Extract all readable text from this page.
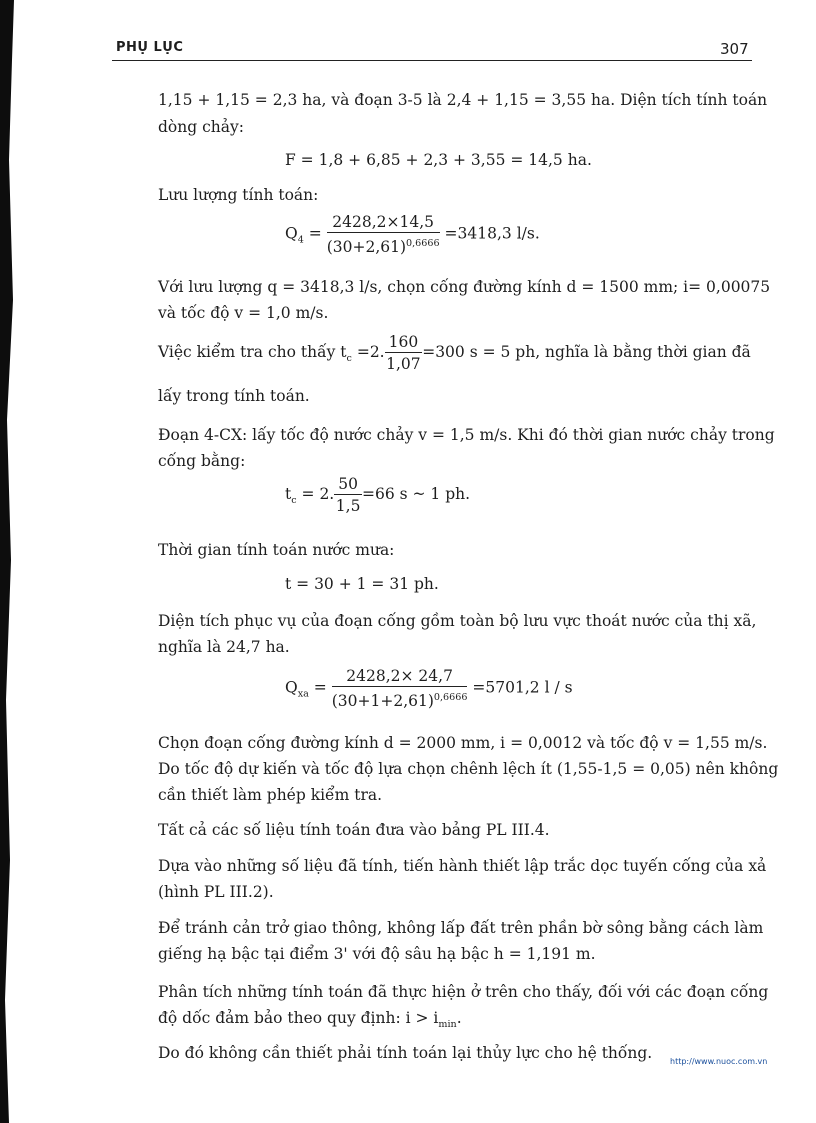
PHỤ LỤC	307
1,15 + 1,15 = 2,3 ha, và đoạn 3-5 là 2,4 + 1,15 = 3,55 ha. Diện tích tính toán
dòng chảy:
F = 1,8 + 6,85 + 2,3 + 3,55 = 14,5 ha.
Lưu lượng tính toán:
$Q_4 = \frac{2428,2\times 14,5}{(30+2,61)^{0,6666}} =3418,3$ l/s.
Với lưu lượng q = 3418,3 l/s, chọn cống đường kính d = 1500 mm; i= 0,00075
và tốc độ v = 1,0 m/s.
Việc kiểm tra cho thấy $t_c =2$. $\frac{160}{1,07} =300$ s = 5 ph, nghĩa là bằng thời gian đã
lấy trong tính toán.
Đoạn 4-CX: lấy tốc độ nước chảy v = 1,5 m/s. Khi đó thời gian nước chảy trong
cống bằng:
$t_c = 2$. $\frac{50}{1,5} =66$ s ~ 1 ph.
Thời gian tính toán nước mưa:
t = 30 + 1 = 31 ph.
Diện tích phục vụ của đoạn cống gồm toàn bộ lưu vực thoát nước của thị xã,
nghĩa là 24,7 ha.
$Q_{xa} = \frac{2428,2\times 24,7}{(30+1+2,61)^{0,6666}} =5701,2$ l / s
Chọn đoạn cống đường kính d = 2000 mm, i = 0,0012 và tốc độ v = 1,55 m/s.
Do tốc độ dự kiến và tốc độ lựa chọn chênh lệch ít (1,55-1,5 = 0,05) nên không
cần thiết làm phép kiểm tra.
Tất cả các số liệu tính toán đưa vào bảng PL III.4.
Dựa vào những số liệu đã tính, tiến hành thiết lập trắc dọc tuyến cống của xả
(hình PL III.2).
Để tránh cản trở giao thông, không lấp đất trên phần bờ sông bằng cách làm
giếng hạ bậc tại điểm 3' với độ sâu hạ bậc h = 1,191 m.
Phân tích những tính toán đã thực hiện ở trên cho thấy, đối với các đoạn cống
độ dốc đảm bảo theo quy định: $i > i_{min}$.
Do đó không cần thiết phải tính toán lại thủy lực cho hệ thống. http://www.nuoc.com.vn
